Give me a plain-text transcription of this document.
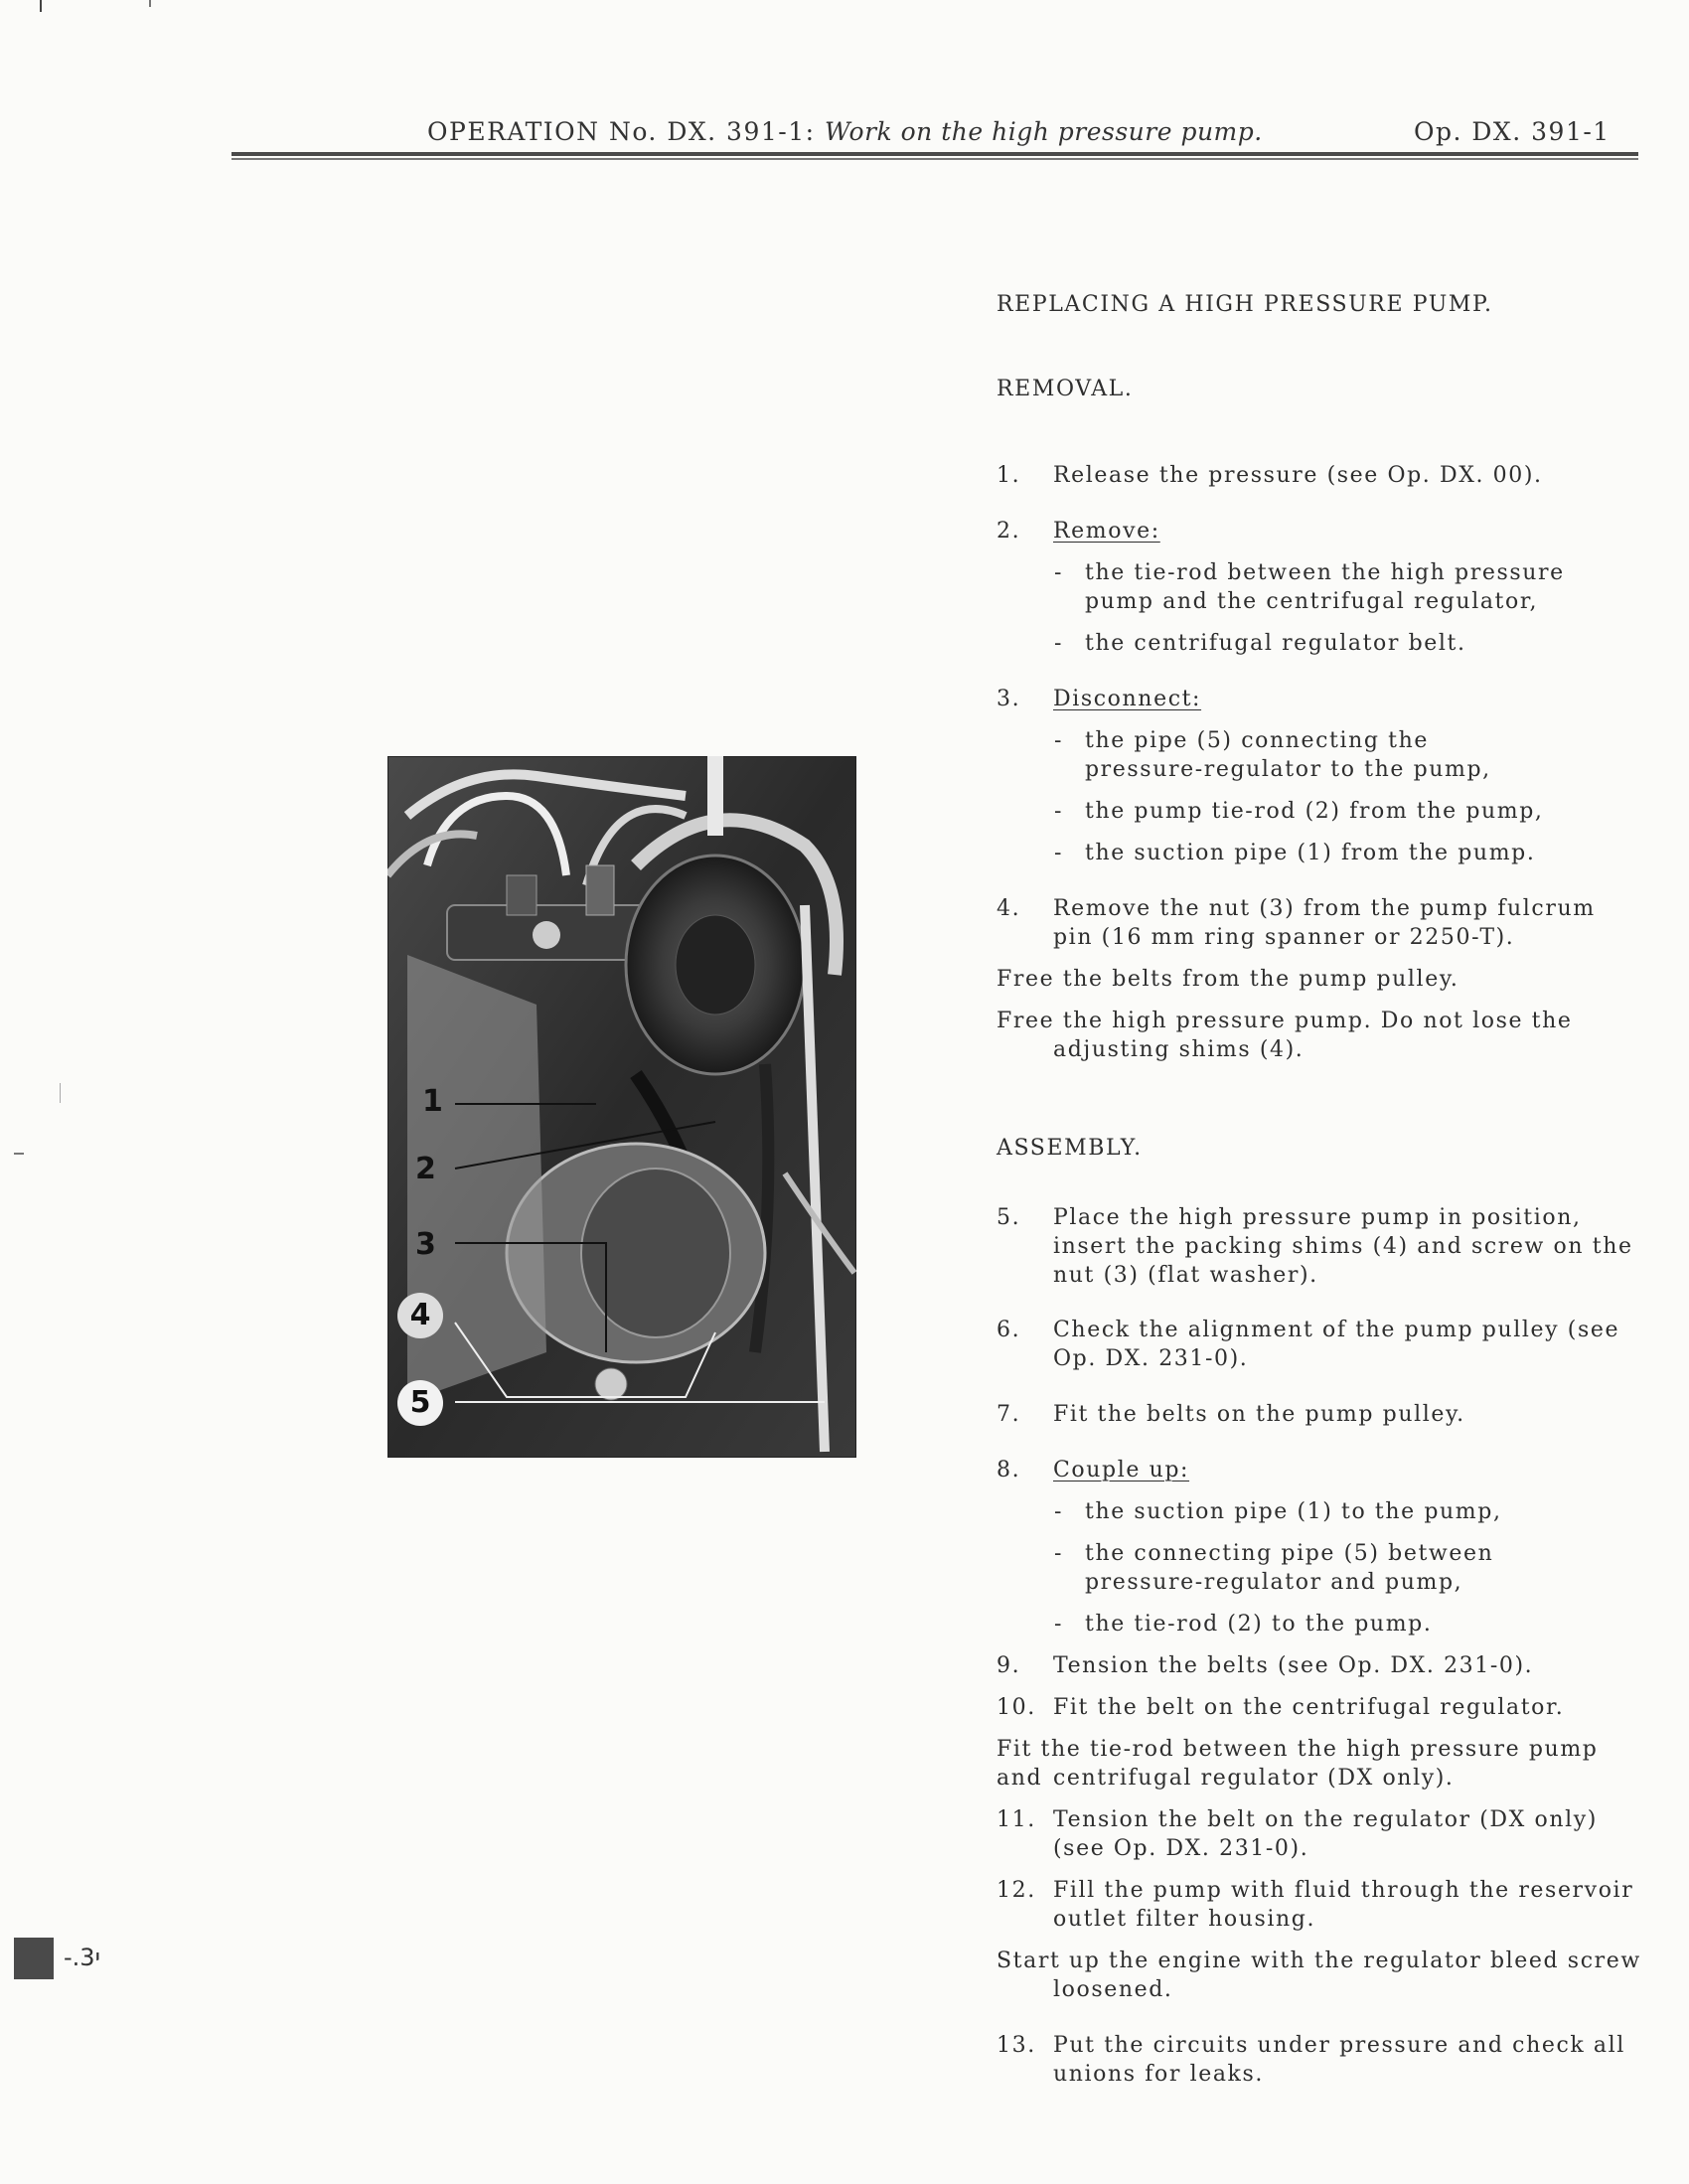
OPERATION No. DX. 391-1: Work on the high pressure pump.	Op. DX. 391-1
REPLACING A HIGH PRESSURE PUMP.
REMOVAL.
1. Release the pressure (see Op. DX. 00).
2. Remove:
- the tie-rod between the high pressure pump and the centrifugal regulator,
- the centrifugal regulator belt.
3. Disconnect:
- the pipe (5) connecting the pressure-regulator to the pump,
- the pump tie-rod (2) from the pump,
- the suction pipe (1) from the pump.
4. Remove the nut (3) from the pump fulcrum pin (16 mm ring spanner or 2250-T).
Free the belts from the pump pulley.
Free the high pressure pump. Do not lose the
adjusting shims (4).
ASSEMBLY.
5. Place the high pressure pump in position, insert the packing shims (4) and screw on the nut (3) (flat washer).
6. Check the alignment of the pump pulley (see Op. DX. 231-0).
7. Fit the belts on the pump pulley.
8. Couple up:
- the suction pipe (1) to the pump,
- the connecting pipe (5) between pressure-regulator and pump,
- the tie-rod (2) to the pump.
9. Tension the belts (see Op. DX. 231-0).
10. Fit the belt on the centrifugal regulator.
Fit the tie-rod between the high pressure pump and centrifugal regulator (DX only).
11. Tension the belt on the regulator (DX only) (see Op. DX. 231-0).
12. Fill the pump with fluid through the reservoir outlet filter housing.
Start up the engine with the regulator bleed screw
loosened.
13. Put the circuits under pressure and check all unions for leaks.
1
2
3
4
5
-.י3
